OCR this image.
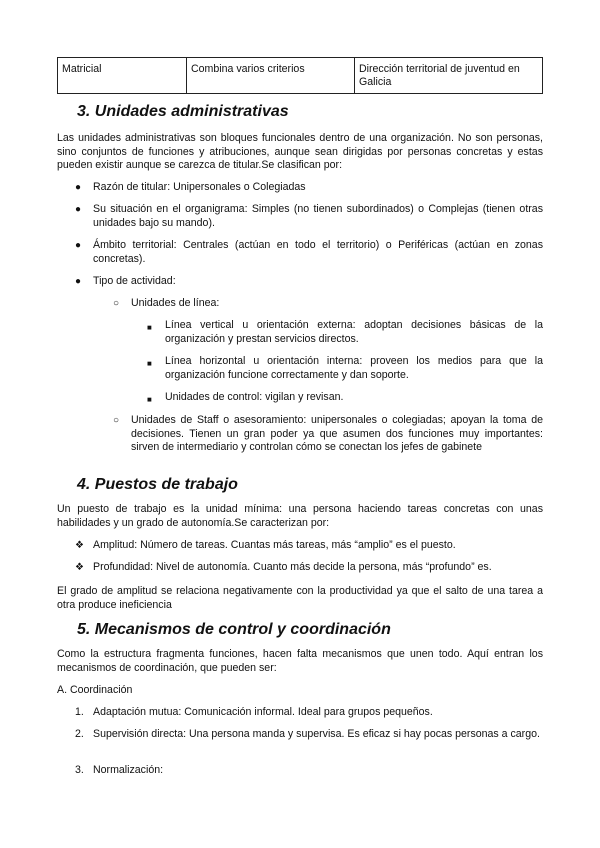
Matricial	Combina varios criterios	Dirección territorial de juventud en Galicia
3. Unidades administrativas

Las unidades administrativas son bloques funcionales dentro de una organización. No son personas, sino conjuntos de funciones y atribuciones, aunque sean dirigidas por personas concretas y estas pueden existir aunque se carezca de titular.Se clasifican por:

● Razón de titular: Unipersonales o Colegiadas
● Su situación en el organigrama: Simples (no tienen subordinados) o Complejas (tienen otras unidades bajo su mando).
● Ámbito territorial: Centrales (actúan en todo el territorio) o Periféricas (actúan en zonas concretas).
● Tipo de actividad:
○ Unidades de línea:
■ Línea vertical u orientación externa: adoptan decisiones básicas de la organización y prestan servicios directos.
■ Línea horizontal u orientación interna: proveen los medios para que la organización funcione correctamente y dan soporte.
■ Unidades de control: vigilan y revisan.
○ Unidades de Staff o asesoramiento: unipersonales o colegiadas; apoyan la toma de decisiones. Tienen un gran poder ya que asumen dos funciones muy importantes: sirven de intermediario y controlan cómo se conectan los jefes de gabinete
4. Puestos de trabajo

Un puesto de trabajo es la unidad mínima: una persona haciendo tareas concretas con unas habilidades y un grado de autonomía.Se caracterizan por:

❖ Amplitud: Número de tareas. Cuantas más tareas, más “amplio” es el puesto.
❖ Profundidad: Nivel de autonomía. Cuanto más decide la persona, más “profundo” es.

El grado de amplitud se relaciona negativamente con la productividad ya que el salto de una tarea a otra produce ineficiencia

5. Mecanismos de control y coordinación

Como la estructura fragmenta funciones, hacen falta mecanismos que unen todo. Aquí entran los mecanismos de coordinación, que pueden ser:

A. Coordinación

1. Adaptación mutua: Comunicación informal. Ideal para grupos pequeños.
2. Supervisión directa: Una persona manda y supervisa. Es eficaz si hay pocas personas a cargo.
3. Normalización:
